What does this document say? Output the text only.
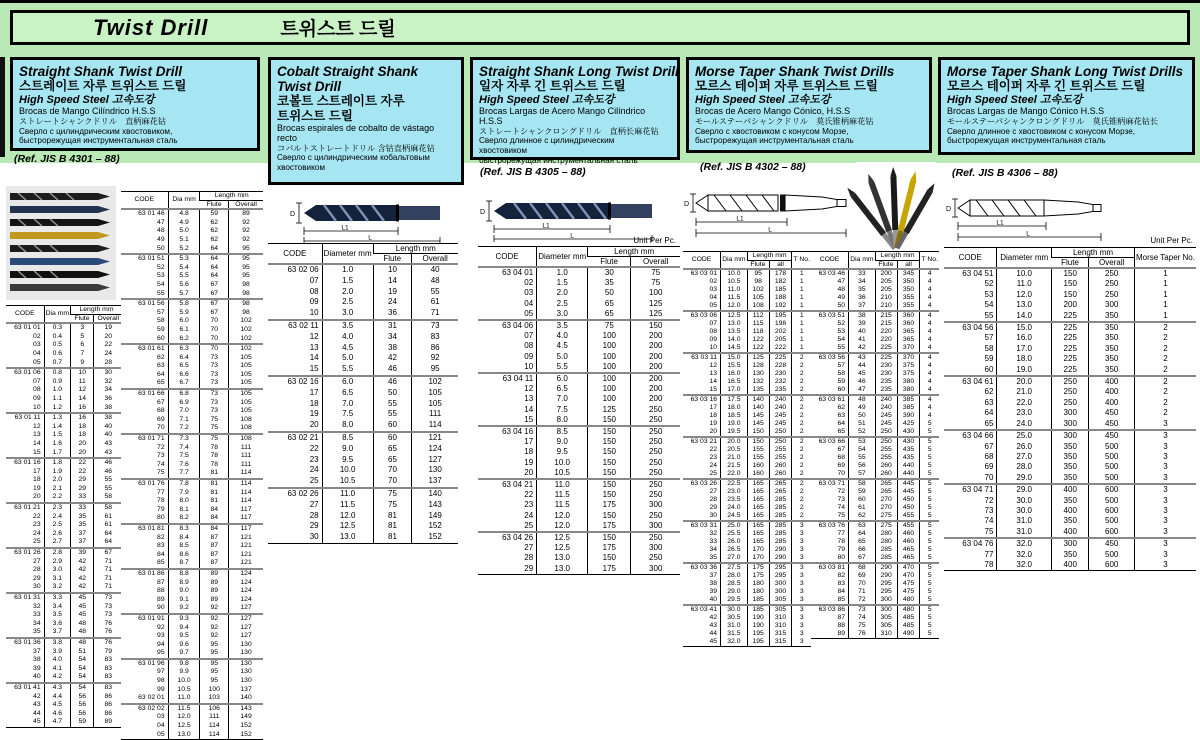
Twist Drill	트위스트 드릴
Straight Shank Twist Drill
스트레이트 자루 트위스트 드릴
High Speed Steel 고속도강
Brocas de Mango Cilíndrico H.S.S
ストレートシャンクドリル　直柄麻花钻
Сверло с цилиндрическим хвостовиком,
быстрорежущая инструментальная сталь
Cobalt Straight Shank
Twist Drill
코볼트 스트레이트 자루
트위스트 드릴
Brocas espirales de cobalto de vástago recto
コバルトストレートドリル 含钴直柄麻花钻
Сверло с цилиндрическим кобальтовым
хвостовиком
Straight Shank Long Twist Drill
일자 자루 긴 트위스트 드릴
High Speed Steel 고속도강
Brocas Largas de Acero Mango Cilíndrico H.S.S
ストレートシャンクロングドリル　直柄长麻花钻
Сверло длинное с цилиндрическим
хвостовиком
быстрорежущая инструментальная сталь
Morse Taper Shank Twist Drills
모르스 테이퍼 자루 트위스트 드릴
High Speed Steel 고속도강
Brocas de Acero Mango Cónico, H.S.S
モールステーパシャンクドリル　莫氏锥柄麻花钻
Сверло с хвостовиком с конусом Морзе,
быстрорежущая инструментальная сталь
Morse Taper Shank Long Twist Drills
모르스 테이퍼 자루 긴 트위스트 드릴
High Speed Steel 고속도강
Brocas Largas de Mango Cónico H.S.S
モールステーパシャンクロングドリル　莫氏锥柄麻花钻长
Сверло длинное с хвостовиком с конусом Морзе,
быстрорежущая инструментальная сталь
(Ref. JIS B 4301 – 88)
(Ref. JIS B 4305 – 88)	(Ref. JIS B 4302 – 88)	(Ref. JIS B 4306 – 88)
Unit Per Pc.	Unit Per Pc.
D
L1
L
D
L1
L
D
L1
L
D
L1
L
CODE	Dia mm	Length mm	
		Flute	Overall
63 01 01	0.3	3	19
02	0.4	5	20
03	0.5	6	22
04	0.6	7	24
05	0.7	9	28
63 01 06	0.8	10	30
07	0.9	11	32
08	1.0	12	34
09	1.1	14	36
10	1.2	16	38
63 01 11	1.3	16	38
12	1.4	18	40
13	1.5	18	40
14	1.6	20	43
15	1.7	20	43
63 01 16	1.8	22	46
17	1.9	22	46
18	2.0	29	55
19	2.1	29	55
20	2.2	33	58
63 01 21	2.3	33	58
22	2.4	35	61
23	2.5	35	61
24	2.6	37	64
25	2.7	37	64
63 01 26	2.8	39	67
27	2.9	42	71
28	3.0	42	71
29	3.1	42	71
30	3.2	42	71
63 01 31	3.3	45	73
32	3.4	45	73
33	3.5	45	73
34	3.6	48	76
35	3.7	48	76
63 01 36	3.8	48	76
37	3.9	51	79
38	4.0	54	83
39	4.1	54	83
40	4.2	54	83
63 01 41	4.3	54	83
42	4.4	56	86
43	4.5	56	86
44	4.6	56	86
45	4.7	59	89
CODE	Dia mm	Length mm	
		Flute	Overall
63 01 46	4.8	59	89
47	4.9	62	92
48	5.0	62	92
49	5.1	62	92
50	5.2	64	95
63 01 51	5.3	64	95
52	5.4	64	95
53	5.5	64	95
54	5.6	67	98
55	5.7	67	98
63 01 56	5.8	67	98
57	5.9	67	98
58	6.0	70	102
59	6.1	70	102
60	6.2	70	102
63 01 61	6.3	70	102
62	6.4	73	105
63	6.5	73	105
64	6.6	73	105
65	6.7	73	105
63 01 66	6.8	73	105
67	6.9	73	105
68	7.0	73	105
69	7.1	75	108
70	7.2	75	108
63 01 71	7.3	75	108
72	7.4	78	111
73	7.5	78	111
74	7.6	78	111
75	7.7	81	114
63 01 76	7.8	81	114
77	7.9	81	114
78	8.0	81	114
79	8.1	84	117
80	8.2	84	117
63 01 81	8.3	84	117
82	8.4	87	121
83	8.5	87	121
84	8.6	87	121
85	8.7	87	121
63 01 86	8.8	89	124
87	8.9	89	124
88	9.0	89	124
89	9.1	89	124
90	9.2	92	127
63 01 91	9.3	92	127
92	9.4	92	127
93	9.5	92	127
94	9.6	95	130
95	9.7	95	130
63 01 96	9.8	95	130
97	9.9	95	130
98	10.0	95	130
99	10.5	100	137
63 02 01	11.0	103	140
63 02 02	11.5	106	143
03	12.0	111	149
04	12.5	114	152
05	13.0	114	152
CODE	Diameter mm	Length mm	
		Flute	Overall
63 02 06	1.0	10	40
07	1.5	14	48
08	2.0	19	55
09	2.5	24	61
10	3.0	36	71
63 02 11	3.5	31	73
12	4.0	34	83
13	4.5	38	86
14	5.0	42	92
15	5.5	46	95
63 02 16	6.0	46	102
17	6.5	50	105
18	7.0	55	105
19	7.5	55	111
20	8.0	60	114
63 02 21	8.5	60	121
22	9.0	65	124
23	9.5	65	127
24	10.0	70	130
25	10.5	70	137
63 02 26	11.0	75	140
27	11.5	75	143
28	12.0	81	149
29	12.5	81	152
30	13.0	81	152
CODE	Diameter mm	Length mm	
		Flute	Overall
63 04 01	1.0	30	75
02	1.5	35	75
03	2.0	50	100
04	2.5	65	125
05	3.0	65	125
63 04 06	3.5	75	150
07	4.0	100	200
08	4.5	100	200
09	5.0	100	200
10	5.5	100	200
63 04 11	6.0	100	200
12	6.5	100	200
13	7.0	100	200
14	7.5	125	250
15	8.0	150	250
63 04 16	8.5	150	250
17	9.0	150	250
18	9.5	150	250
19	10.0	150	250
20	10.5	150	250
63 04 21	11.0	150	250
22	11.5	150	250
23	11.5	175	300
24	12.0	150	250
25	12.0	175	300
63 04 26	12.5	150	250
27	12.5	175	300
28	13.0	150	250
29	13.0	175	300
CODE	Dia mm	Length mm		T No.
		Flute	all	
63 03 01	10.0	95	178	1
02	10.5	98	182	1
03	11.0	102	185	1
04	11.5	105	188	1
05	12.0	108	192	1
63 03 06	12.5	112	195	1
07	13.0	115	198	1
08	13.5	118	202	1
09	14.0	122	205	1
10	14.5	122	222	1
63 03 11	15.0	125	225	2
12	15.5	128	228	2
13	16.0	130	230	2
14	16.5	132	232	2
15	17.0	135	235	2
63 03 16	17.5	140	240	2
17	18.0	140	240	2
18	18.5	145	245	2
19	19.0	145	245	2
20	19.5	150	250	2
63 03 21	20.0	150	250	2
22	20.5	155	255	2
23	21.0	155	255	2
24	21.5	160	260	2
25	22.0	160	260	2
63 03 26	22.5	165	265	2
27	23.0	165	265	2
28	23.5	165	285	2
29	24.0	165	285	2
30	24.5	165	285	2
63 03 31	25.0	165	285	3
32	25.5	165	285	3
33	26.0	165	285	3
34	26.5	170	290	3
35	27.0	170	290	3
63 03 36	27.5	175	295	3
37	28.0	175	295	3
38	28.5	180	300	3
39	29.0	180	300	3
40	29.5	185	305	3
63 03 41	30.0	185	305	3
42	30.5	190	310	3
43	31.0	190	310	3
44	31.5	195	315	3
45	32.0	195	315	3
CODE	Dia mm	Length mm		T No.
		Flute	all	
63 03 46	33	200	345	4
47	34	205	350	4
48	35	205	350	4
49	36	210	355	4
50	37	210	355	4
63 03 51	38	215	360	4
52	39	215	360	4
53	40	220	365	4
54	41	220	365	4
55	42	225	370	4
63 03 56	43	225	370	4
57	44	230	375	4
58	45	230	375	4
59	46	235	380	4
60	47	235	380	4
63 03 61	48	240	385	4
62	49	240	385	4
63	50	245	390	4
64	51	245	425	5
65	52	250	430	5
63 03 66	53	250	430	5
67	54	255	435	5
68	55	255	435	5
69	56	260	440	5
70	57	260	440	5
63 03 71	58	265	445	5
72	59	265	445	5
73	60	270	450	5
74	61	270	450	5
75	62	275	455	5
63 03 76	63	275	455	5
77	64	280	460	5
78	65	280	460	5
79	66	285	465	5
80	67	285	465	5
63 03 81	68	290	470	5
82	69	290	470	5
83	70	295	475	5
84	71	295	475	5
85	72	300	480	5
63 03 86	73	300	480	5
87	74	305	485	5
88	75	305	485	5
89	76	310	490	5
CODE	Diameter mm	Length mm		Morse Taper No.
		Flute	Overall	
63 04 51	10.0	150	250	1
52	11.0	150	250	1
53	12.0	150	250	1
54	13.0	200	300	1
55	14.0	225	350	1
63 04 56	15.0	225	350	2
57	16.0	225	350	2
58	17.0	225	350	2
59	18.0	225	350	2
60	19.0	225	350	2
63 04 61	20.0	250	400	2
62	21.0	250	400	2
63	22.0	250	400	2
64	23.0	300	450	2
65	24.0	300	450	3
63 04 66	25.0	300	450	3
67	26.0	350	500	3
68	27.0	350	500	3
69	28.0	350	500	3
70	29.0	350	500	3
63 04 71	29.0	400	600	3
72	30.0	350	500	3
73	30.0	400	600	3
74	31.0	350	500	3
75	31.0	400	600	3
63 04 76	32.0	300	450	3
77	32.0	350	500	3
78	32.0	400	600	3
